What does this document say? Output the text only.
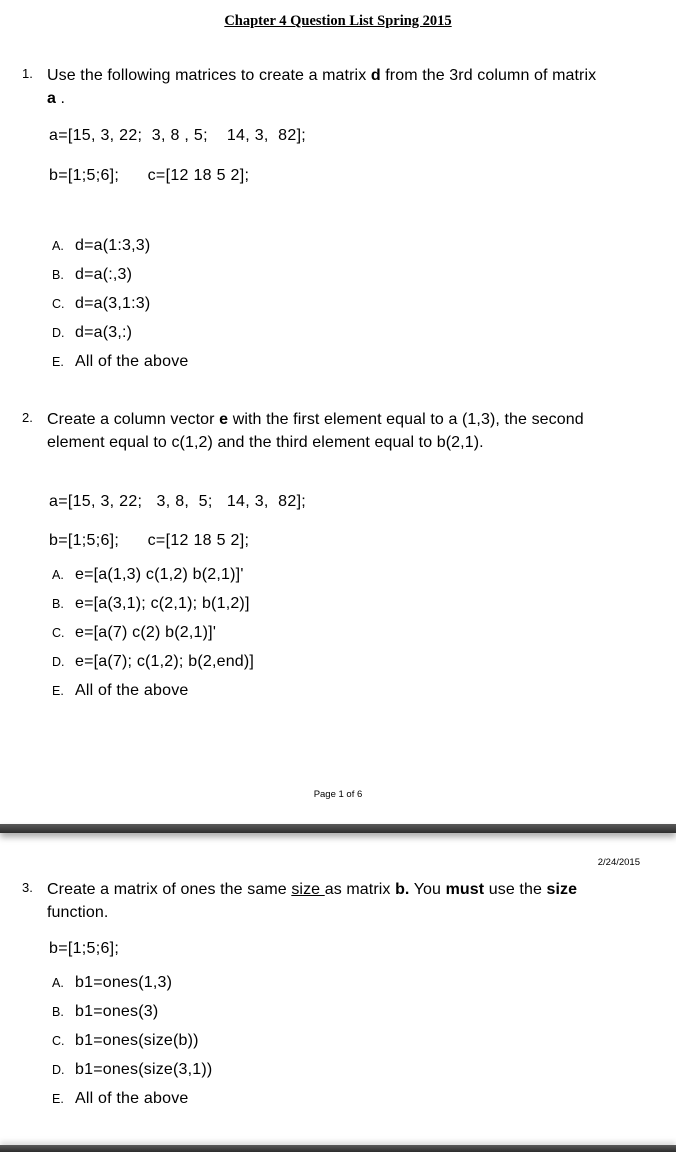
Chapter 4 Question List Spring 2015
1. Use the following matrices to create a matrix d from the 3rd column of matrix a .

a=[15, 3, 22;  3, 8 , 5;    14, 3,  82];
b=[1;5;6];      c=[12 18 5 2];
A. d=a(1:3,3)
B. d=a(:,3)
C. d=a(3,1:3)
D. d=a(3,:)
E. All of the above
2. Create a column vector e with the first element equal to a (1,3), the second element equal to c(1,2) and the third element equal to b(2,1).

a=[15, 3, 22;   3, 8,  5;   14, 3,  82];
b=[1;5;6];      c=[12 18 5 2];
A. e=[a(1,3) c(1,2) b(2,1)]'
B. e=[a(3,1); c(2,1); b(1,2)]
C. e=[a(7) c(2) b(2,1)]'
D. e=[a(7); c(1,2); b(2,end)]
E. All of the above
Page 1 of 6
2/24/2015
3. Create a matrix of ones the same size as matrix b. You must use the size function.

b=[1;5;6];
A. b1=ones(1,3)
B. b1=ones(3)
C. b1=ones(size(b))
D. b1=ones(size(3,1))
E. All of the above
